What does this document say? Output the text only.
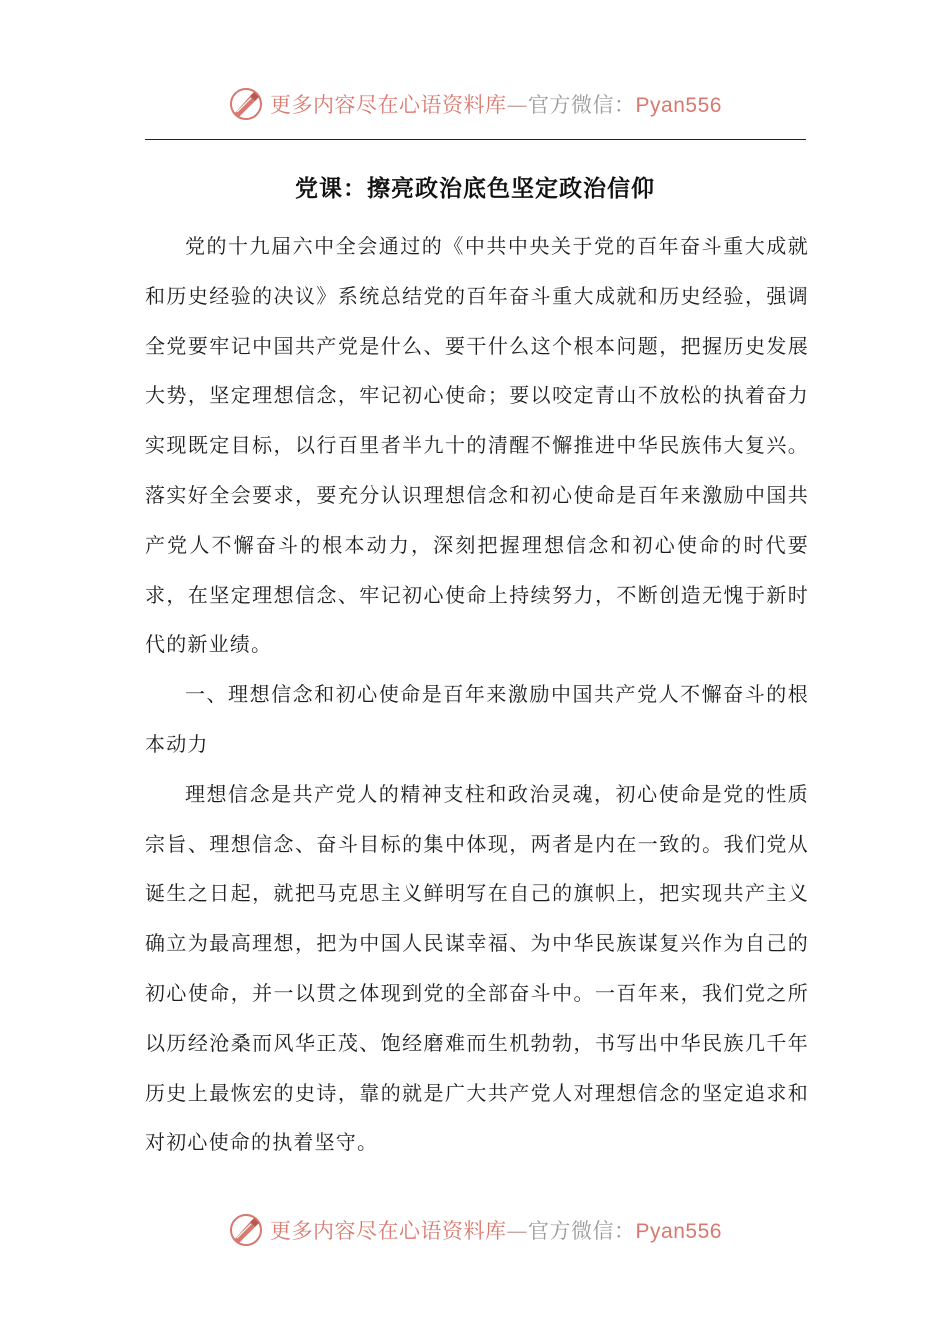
更多内容尽在心语资料库—官方微信：Pyan556
党课：擦亮政治底色坚定政治信仰

党的十九届六中全会通过的《中共中央关于党的百年奋斗重大成就和历史经验的决议》系统总结党的百年奋斗重大成就和历史经验，强调全党要牢记中国共产党是什么、要干什么这个根本问题，把握历史发展大势，坚定理想信念，牢记初心使命；要以咬定青山不放松的执着奋力实现既定目标，以行百里者半九十的清醒不懈推进中华民族伟大复兴。落实好全会要求，要充分认识理想信念和初心使命是百年来激励中国共产党人不懈奋斗的根本动力，深刻把握理想信念和初心使命的时代要求，在坚定理想信念、牢记初心使命上持续努力，不断创造无愧于新时代的新业绩。

一、理想信念和初心使命是百年来激励中国共产党人不懈奋斗的根本动力

理想信念是共产党人的精神支柱和政治灵魂，初心使命是党的性质宗旨、理想信念、奋斗目标的集中体现，两者是内在一致的。我们党从诞生之日起，就把马克思主义鲜明写在自己的旗帜上，把实现共产主义确立为最高理想，把为中国人民谋幸福、为中华民族谋复兴作为自己的初心使命，并一以贯之体现到党的全部奋斗中。一百年来，我们党之所以历经沧桑而风华正茂、饱经磨难而生机勃勃，书写出中华民族几千年历史上最恢宏的史诗，靠的就是广大共产党人对理想信念的坚定追求和对初心使命的执着坚守。

更多内容尽在心语资料库—官方微信：Pyan556
